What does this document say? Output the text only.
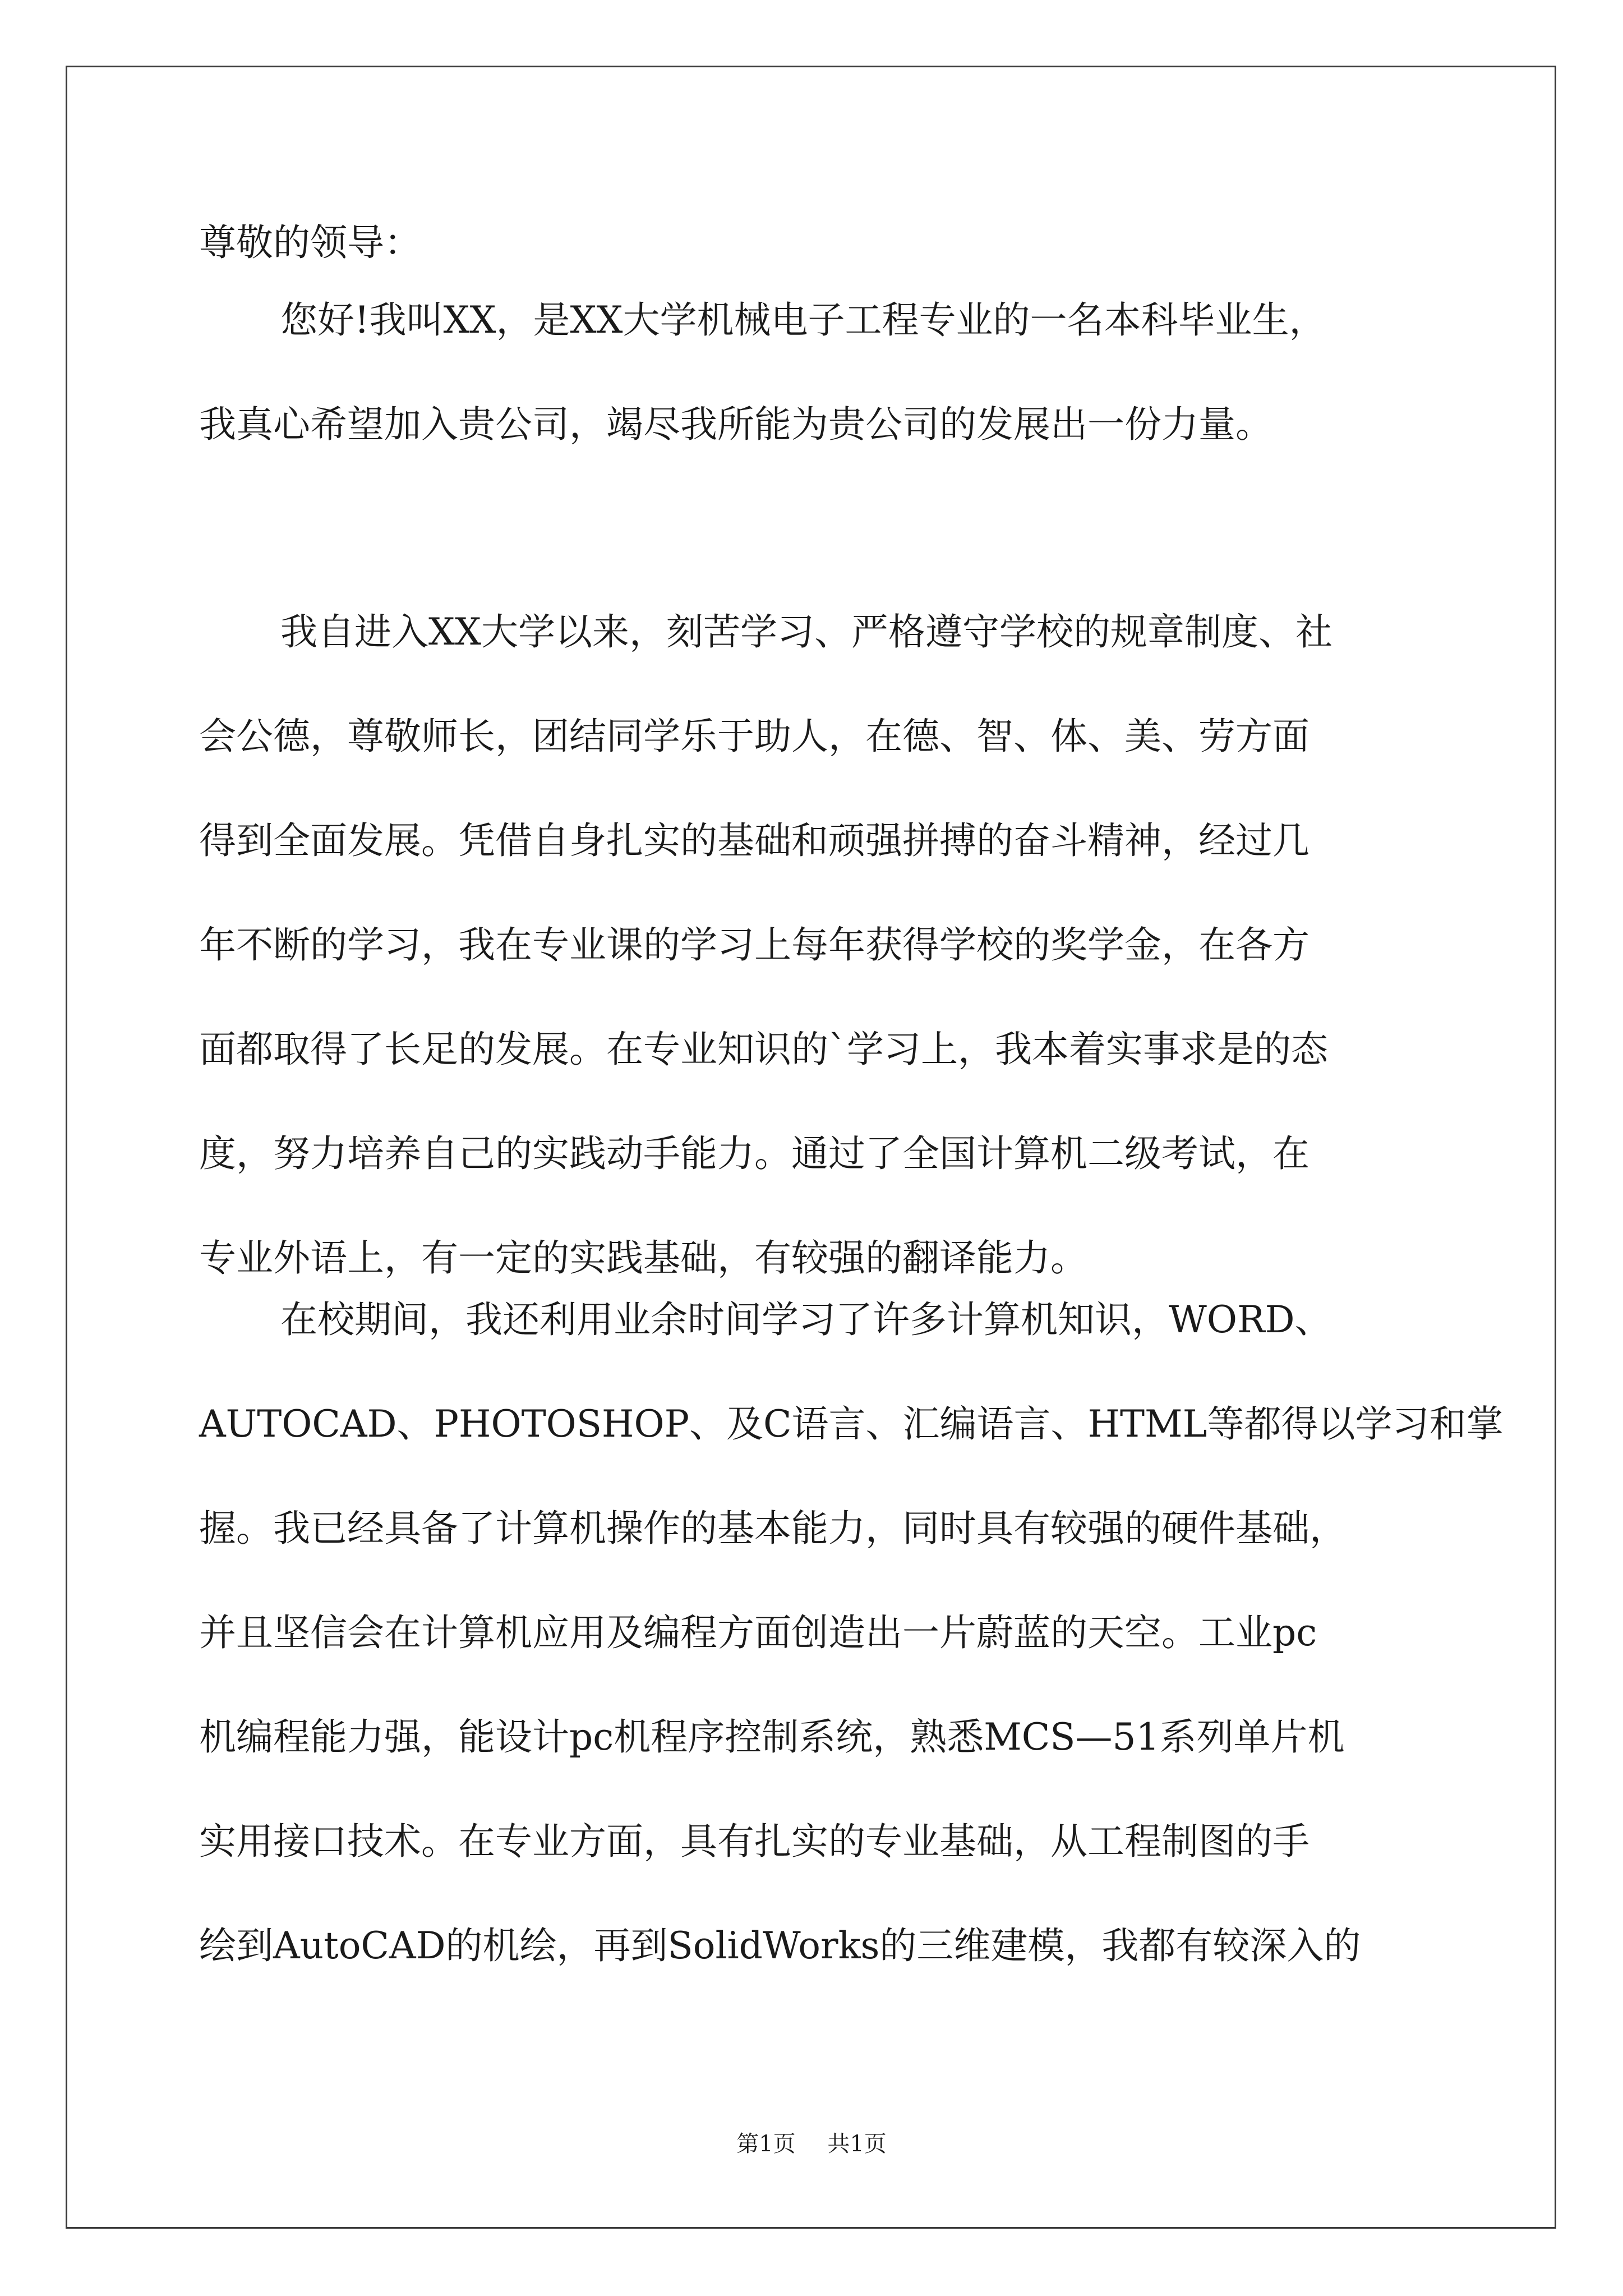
尊敬的领导：

您好!我叫XX，是XX大学机械电子工程专业的一名本科毕业生，
我真心希望加入贵公司，竭尽我所能为贵公司的发展出一份力量。
我自进入XX大学以来，刻苦学习、严格遵守学校的规章制度、社
会公德，尊敬师长，团结同学乐于助人，在德、智、体、美、劳方面
得到全面发展。凭借自身扎实的基础和顽强拼搏的奋斗精神，经过几
年不断的学习，我在专业课的学习上每年获得学校的奖学金，在各方
面都取得了长足的发展。在专业知识的`学习上，我本着实事求是的态
度，努力培养自己的实践动手能力。通过了全国计算机二级考试，在
专业外语上，有一定的实践基础，有较强的翻译能力。
在校期间，我还利用业余时间学习了许多计算机知识，WORD、
AUTOCAD、PHOTOSHOP、及C语言、汇编语言、HTML等都得以学习和掌
握。我已经具备了计算机操作的基本能力，同时具有较强的硬件基础，
并且坚信会在计算机应用及编程方面创造出一片蔚蓝的天空。工业pc
机编程能力强，能设计pc机程序控制系统，熟悉MCS—51系列单片机
实用接口技术。在专业方面，具有扎实的专业基础，从工程制图的手
绘到AutoCAD的机绘，再到SolidWorks的三维建模，我都有较深入的
第1页 共1页
